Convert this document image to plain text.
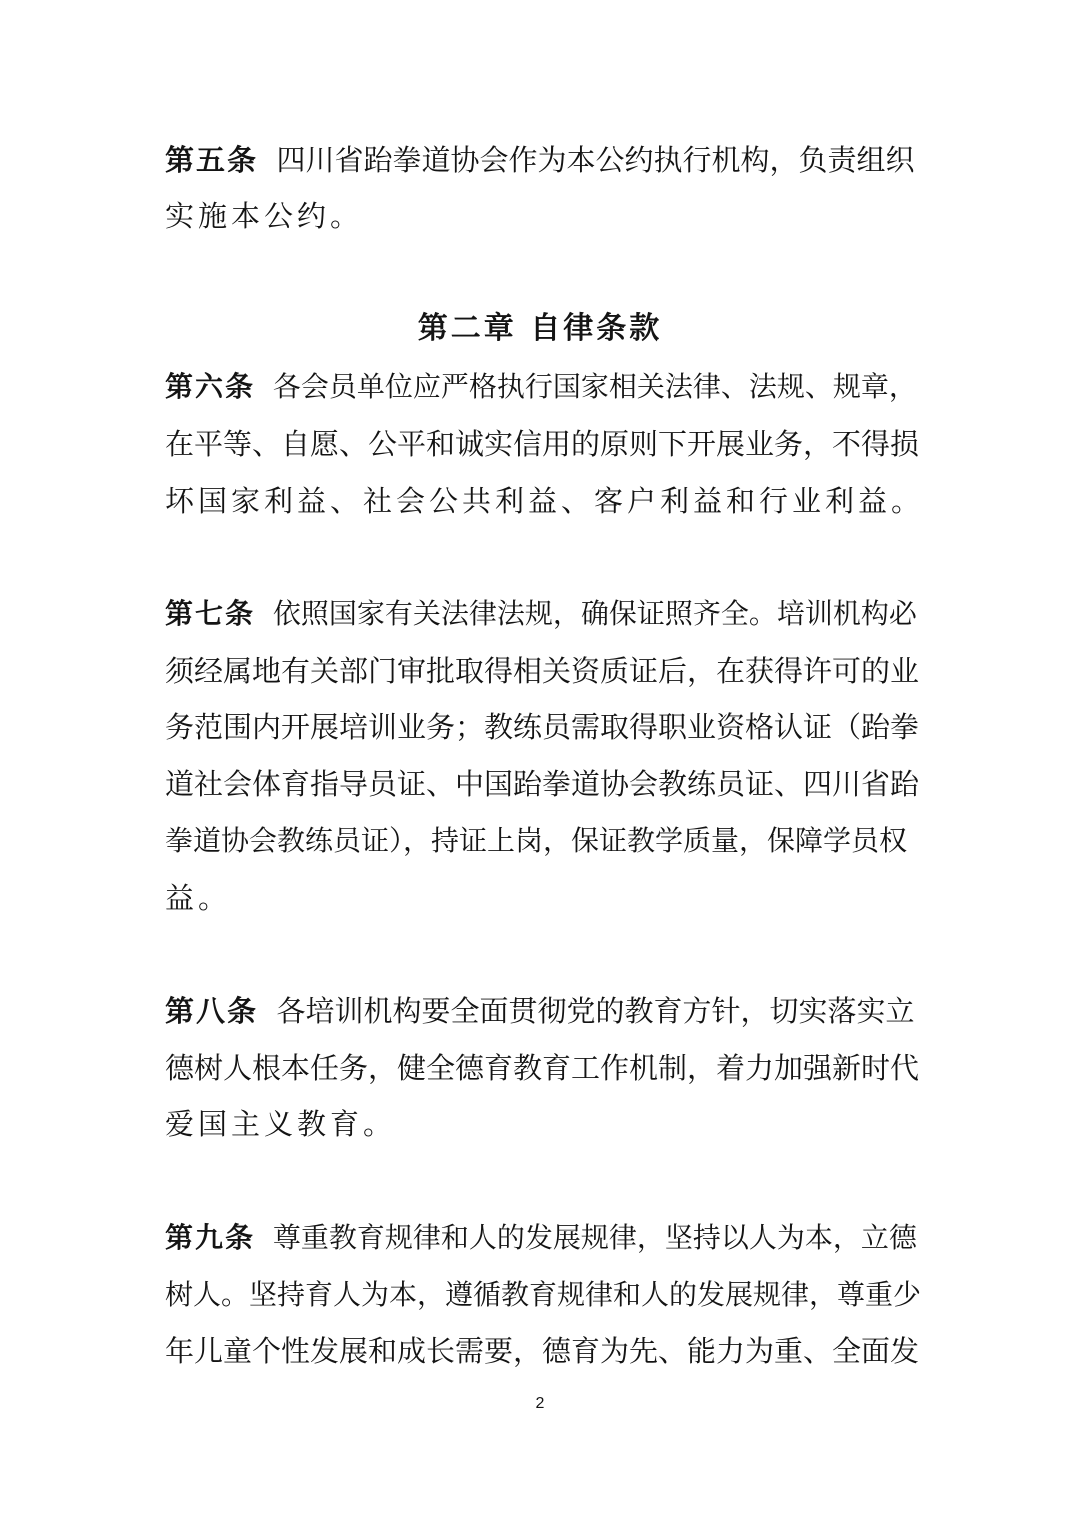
第五条 四川省跆拳道协会作为本公约执行机构，负责组织
实施本公约。
第二章 自律条款
第六条 各会员单位应严格执行国家相关法律、法规、规章，
在平等、自愿、公平和诚实信用的原则下开展业务，不得损
坏国家利益、社会公共利益、客户利益和行业利益。
第七条 依照国家有关法律法规，确保证照齐全。培训机构必
须经属地有关部门审批取得相关资质证后，在获得许可的业
务范围内开展培训业务；教练员需取得职业资格认证（跆拳
道社会体育指导员证、中国跆拳道协会教练员证、四川省跆
拳道协会教练员证），持证上岗，保证教学质量，保障学员权
益。
第八条 各培训机构要全面贯彻党的教育方针，切实落实立
德树人根本任务，健全德育教育工作机制，着力加强新时代
爱国主义教育。
第九条 尊重教育规律和人的发展规律，坚持以人为本，立德
树人。坚持育人为本，遵循教育规律和人的发展规律，尊重少
年儿童个性发展和成长需要，德育为先、能力为重、全面发
2
